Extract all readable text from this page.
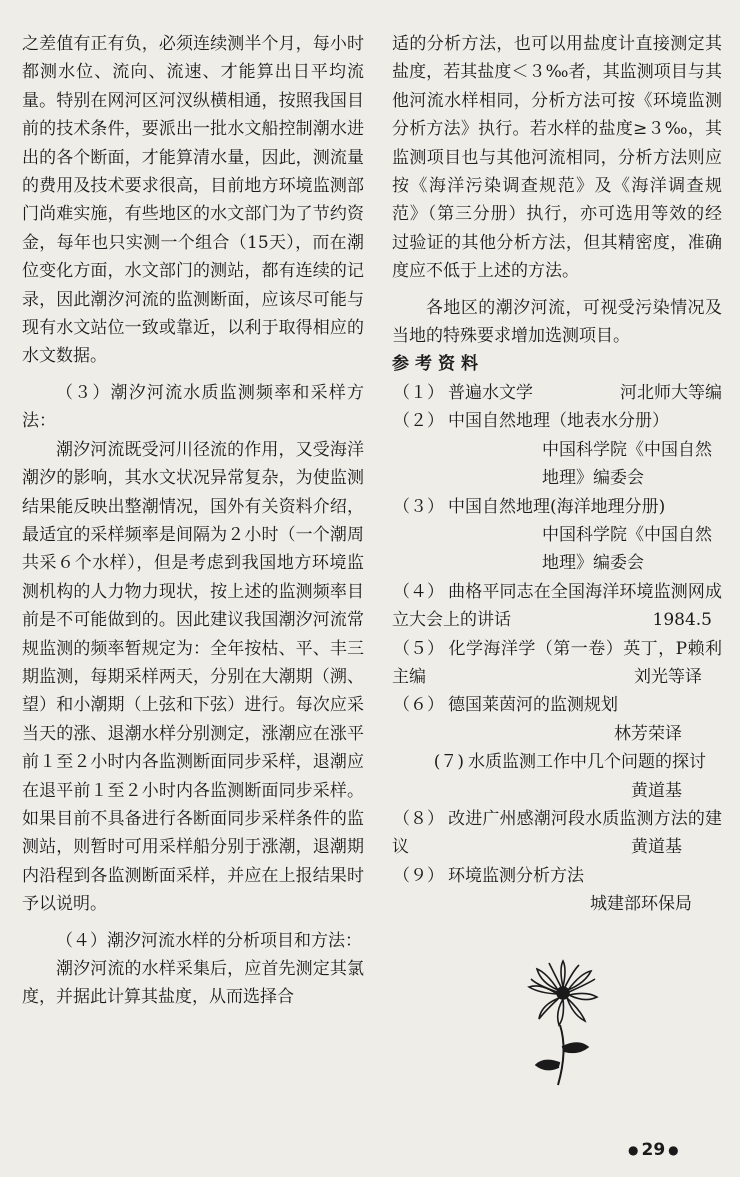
之差值有正有负，必须连续测半个月，每小时都测水位、流向、流速、才能算出日平均流量。特别在网河区河汊纵横相通，按照我国目前的技术条件，要派出一批水文船控制潮水进出的各个断面，才能算清水量，因此，测流量的费用及技术要求很高，目前地方环境监测部门尚难实施，有些地区的水文部门为了节约资金，每年也只实测一个组合（15天），而在潮位变化方面，水文部门的测站，都有连续的记录，因此潮汐河流的监测断面，应该尽可能与现有水文站位一致或靠近，以利于取得相应的水文数据。

（３）潮汐河流水质监测频率和采样方法：

潮汐河流既受河川径流的作用，又受海洋潮汐的影响，其水文状况异常复杂，为使监测结果能反映出整潮情况，国外有关资料介绍，最适宜的采样频率是间隔为２小时（一个潮周共采６个水样），但是考虑到我国地方环境监测机构的人力物力现状，按上述的监测频率目前是不可能做到的。因此建议我国潮汐河流常规监测的频率暂规定为：全年按枯、平、丰三期监测，每期采样两天，分别在大潮期（溯、望）和小潮期（上弦和下弦）进行。每次应采当天的涨、退潮水样分别测定，涨潮应在涨平前１至２小时内各监测断面同步采样，退潮应在退平前１至２小时内各监测断面同步采样。如果目前不具备进行各断面同步采样条件的监测站，则暂时可用采样船分别于涨潮，退潮期内沿程到各监测断面采样，并应在上报结果时予以说明。

（４）潮汐河流水样的分析项目和方法：

潮汐河流的水样采集后，应首先测定其氯度，并据此计算其盐度，从而选择合

适的分析方法，也可以用盐度计直接测定其盐度，若其盐度＜３‰者，其监测项目与其他河流水样相同，分析方法可按《环境监测分析方法》执行。若水样的盐度≥３‰，其监测项目也与其他河流相同，分析方法则应按《海洋污染调查规范》及《海洋调查规范》（第三分册）执行，亦可选用等效的经过验证的其他分析方法，但其精密度，准确度应不低于上述的方法。

各地区的潮汐河流，可视受污染情况及当地的特殊要求增加选测项目。

参考资料

（１） 普遍水文学	河北师大等编

（２） 中国自然地理（地表水分册）
中国科学院《中国自然地理》编委会

（３） 中国自然地理(海洋地理分册)
中国科学院《中国自然地理》编委会

（４） 曲格平同志在全国海洋环境监测网成立大会上的讲话	1984.5

（５） 化学海洋学（第一卷）英丁，P赖利主编	刘光等译

（６） 德国莱茵河的监测规划
林芳荣译

(７) 水质监测工作中几个问题的探讨
黄道基

（８） 改进广州感潮河段水质监测方法的建议	黄道基

（９） 环境监测分析方法
城建部环保局

● 29 ●
